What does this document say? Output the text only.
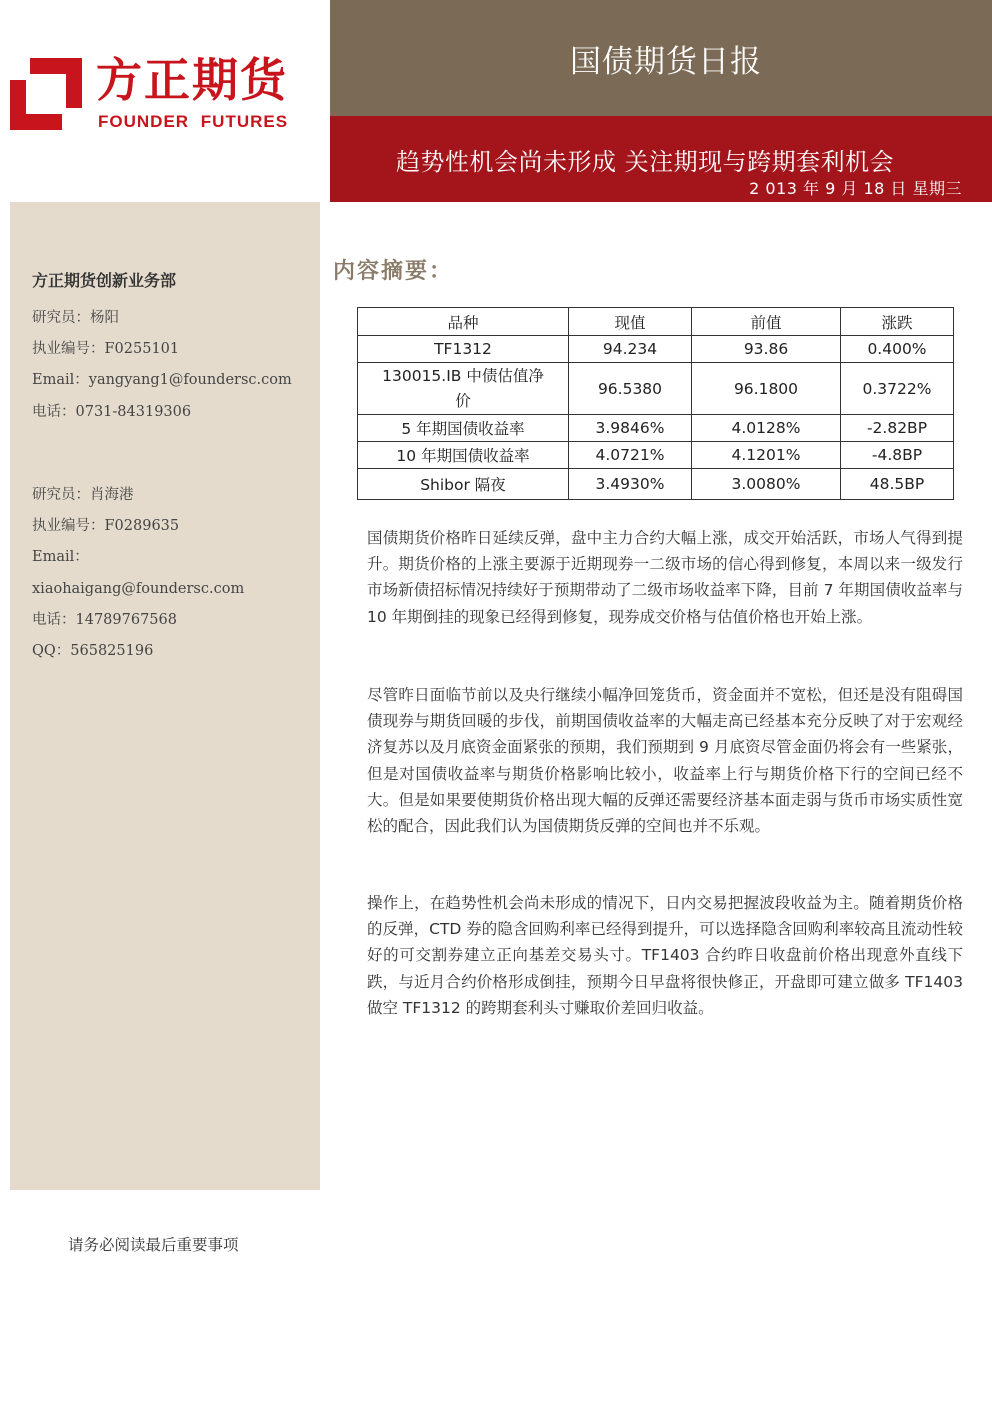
方正期货
FOUNDER FUTURES
国债期货日报
趋势性机会尚未形成 关注期现与跨期套利机会
2 013 年 9 月 18 日 星期三
方正期货创新业务部
研究员：杨阳
执业编号：F0255101
Email：yangyang1@foundersc.com
电话：0731-84319306
研究员：肖海港
执业编号：F0289635
Email：
xiaohaigang@foundersc.com
电话：14789767568
QQ：565825196
内容摘要：
品种	现值	前值	涨跌
TF1312	94.234	93.86	0.400%
130015.IB 中债估值净价	96.5380	96.1800	0.3722%
5 年期国债收益率	3.9846%	4.0128%	-2.82BP
10 年期国债收益率	4.0721%	4.1201%	-4.8BP
Shibor 隔夜	3.4930%	3.0080%	48.5BP
国债期货价格昨日延续反弹，盘中主力合约大幅上涨，成交开始活跃，市场人气得到提升。期货价格的上涨主要源于近期现券一二级市场的信心得到修复，本周以来一级发行市场新债招标情况持续好于预期带动了二级市场收益率下降，目前 7 年期国债收益率与 10 年期倒挂的现象已经得到修复，现券成交价格与估值价格也开始上涨。
尽管昨日面临节前以及央行继续小幅净回笼货币，资金面并不宽松，但还是没有阻碍国债现券与期货回暖的步伐，前期国债收益率的大幅走高已经基本充分反映了对于宏观经济复苏以及月底资金面紧张的预期，我们预期到 9 月底资尽管金面仍将会有一些紧张，但是对国债收益率与期货价格影响比较小，收益率上行与期货价格下行的空间已经不大。但是如果要使期货价格出现大幅的反弹还需要经济基本面走弱与货币市场实质性宽松的配合，因此我们认为国债期货反弹的空间也并不乐观。
操作上，在趋势性机会尚未形成的情况下，日内交易把握波段收益为主。随着期货价格的反弹，CTD 券的隐含回购利率已经得到提升，可以选择隐含回购利率较高且流动性较好的可交割券建立正向基差交易头寸。TF1403 合约昨日收盘前价格出现意外直线下跌，与近月合约价格形成倒挂，预期今日早盘将很快修正，开盘即可建立做多 TF1403 做空 TF1312 的跨期套利头寸赚取价差回归收益。
请务必阅读最后重要事项
